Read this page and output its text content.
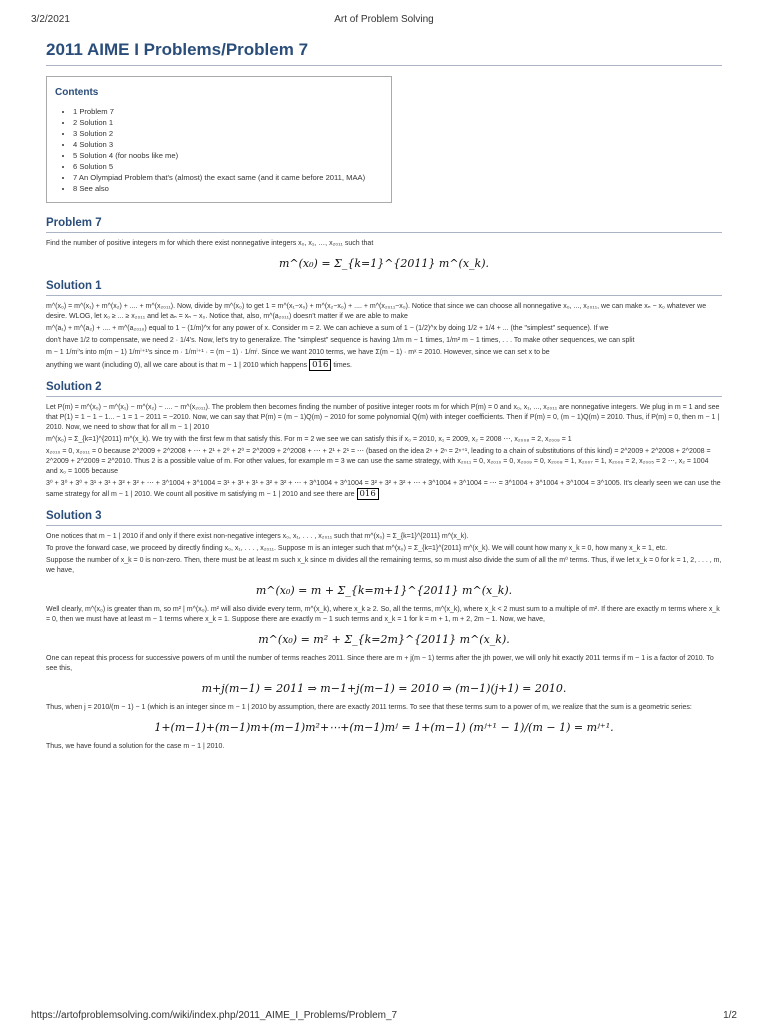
3/2/2021	Art of Problem Solving
2011 AIME I Problems/Problem 7
Contents
• 1 Problem 7
• 2 Solution 1
• 3 Solution 2
• 4 Solution 3
• 5 Solution 4 (for noobs like me)
• 6 Solution 5
• 7 An Olympiad Problem that's (almost) the exact same (and it came before 2011, MAA)
• 8 See also
Problem 7

Find the number of positive integers m for which there exist nonnegative integers x₀, x₁, …, x₂₀₁₁ such that

m^(x₀) = Σ_{k=1}^{2011} m^(x_k).
Solution 1

m^(x₀) = m^(x₁) + m^(x₂) + .... + m^(x₂₀₁₁). Now, divide by m^(x₀) to get 1 = m^(x₁−x₀) + m^(x₂−x₀) + .... + m^(x₂₀₁₁−x₀). Notice that since we can choose all nonnegative x₀, ..., x₂₀₁₁, we can make xₙ − x₀ whatever we desire. WLOG, let x₀ ≥ ... ≥ x₂₀₁₁ and let aₙ = xₙ − x₀. Notice that, also, m^(a₂₀₁₁) doesn't matter if we are able to make

m^(a₁) + m^(a₂) + .... + m^(a₂₀₁₀) equal to 1 − (1/m)^x for any power of x. Consider m = 2. We can achieve a sum of 1 − (1/2)^x by doing 1/2 + 1/4 + ... (the "simplest" sequence). If we

don't have 1/2 to compensate, we need 2 · 1/4's. Now, let's try to generalize. The "simplest" sequence is having 1/m m − 1 times, 1/m² m − 1 times, . . . To make other sequences, we can split

m − 1 1/mⁱ's into m(m − 1) 1/mⁱ⁺¹'s since m · 1/mⁱ⁺¹ · = (m − 1) · 1/mⁱ. Since we want 2010 terms, we have Σ(m − 1) · mˣ = 2010. However, since we can set x to be

anything we want (including 0), all we care about is that m − 1 | 2010 which happens 016 times.

Solution 2

Let P(m) = m^(x₀) − m^(x₁) − m^(x₂) − .... − m^(x₂₀₁₁). The problem then becomes finding the number of positive integer roots m for which P(m) = 0 and x₀, x₁, ..., x₂₀₁₁ are nonnegative integers. We plug in m = 1 and see that P(1) = 1 − 1 − 1... − 1 = 1 − 2011 = −2010. Now, we can say that P(m) = (m − 1)Q(m) − 2010 for some polynomial Q(m) with integer coefficients. Then if P(m) = 0, (m − 1)Q(m) = 2010. Thus, if P(m) = 0, then m − 1 | 2010. Now, we need to show that for all m − 1 | 2010

m^(x₀) = Σ_{k=1}^{2011} m^(x_k). We try with the first few m that satisfy this. For m = 2 we see we can satisfy this if x₀ = 2010, x₁ = 2009, x₂ = 2008 ⋯, x₂₀₀₈ = 2, x₂₀₀₉ = 1

x₂₀₁₀ = 0, x₂₀₁₁ = 0 because 2^2009 + 2^2008 + ⋯ + 2¹ + 2⁰ + 2⁰ = 2^2009 + 2^2008 + ⋯ + 2¹ + 2¹ = ⋯ (based on the idea 2ⁿ + 2ⁿ = 2ⁿ⁺¹, leading to a chain of substitutions of this kind) = 2^2009 + 2^2008 + 2^2008 = 2^2009 + 2^2009 = 2^2010. Thus 2 is a possible value of m. For other values, for example m = 3 we can use the same strategy, with x₂₀₁₁ = 0, x₂₀₁₀ = 0, x₂₀₀₉ = 0, x₂₀₀₈ = 1, x₂₀₀₇ = 1, x₂₀₀₆ = 2, x₂₀₀₅ = 2 ⋯, x₂ = 1004 and x₀ = 1005 because

3⁰ + 3⁰ + 3⁰ + 3¹ + 3¹ + 3² + 3² + ⋯ + 3^1004 + 3^1004 = 3¹ + 3¹ + 3¹ + 3² + 3² + ⋯ + 3^1004 + 3^1004 = 3² + 3² + 3² + ⋯ + 3^1004 + 3^1004 = ⋯ = 3^1004 + 3^1004 + 3^1004 = 3^1005. It's clearly seen we can use the same strategy for all m − 1 | 2010. We count all positive m satisfying m − 1 | 2010 and see there are 016

Solution 3

One notices that m − 1 | 2010 if and only if there exist non-negative integers x₀, x₁, . . . , x₂₀₁₁ such that m^(x₀) = Σ_{k=1}^{2011} m^(x_k).

To prove the forward case, we proceed by directly finding x₀, x₁, . . . , x₂₀₁₁. Suppose m is an integer such that m^(x₀) = Σ_{k=1}^{2011} m^(x_k). We will count how many x_k = 0, how many x_k = 1, etc.

Suppose the number of x_k = 0 is non-zero. Then, there must be at least m such x_k since m divides all the remaining terms, so m must also divide the sum of all the m⁰ terms. Thus, if we let x_k = 0 for k = 1, 2, . . . , m, we have,

m^(x₀) = m + Σ_{k=m+1}^{2011} m^(x_k).

Well clearly, m^(x₀) is greater than m, so m² | m^(x₀). m² will also divide every term, m^(x_k), where x_k ≥ 2. So, all the terms, m^(x_k), where x_k < 2 must sum to a multiple of m². If there are exactly m terms where x_k = 0, then we must have at least m − 1 terms where x_k = 1. Suppose there are exactly m − 1 such terms and x_k = 1 for k = m + 1, m + 2, 2m − 1. Now, we have,

m^(x₀) = m² + Σ_{k=2m}^{2011} m^(x_k).

One can repeat this process for successive powers of m until the number of terms reaches 2011. Since there are m + j(m − 1) terms after the jth power, we will only hit exactly 2011 terms if m − 1 is a factor of 2010. To see this,

m+j(m−1) = 2011 ⇒ m−1+j(m−1) = 2010 ⇒ (m−1)(j+1) = 2010.

Thus, when j = 2010/(m − 1) − 1 (which is an integer since m − 1 | 2010 by assumption, there are exactly 2011 terms. To see that these terms sum to a power of m, we realize that the sum is a geometric series:

1+(m−1)+(m−1)m+(m−1)m²+⋯+(m−1)mʲ = 1+(m−1) (mʲ⁺¹ − 1)/(m − 1) = mʲ⁺¹.

Thus, we have found a solution for the case m − 1 | 2010.

https://artofproblemsolving.com/wiki/index.php/2011_AIME_I_Problems/Problem_7	1/2
